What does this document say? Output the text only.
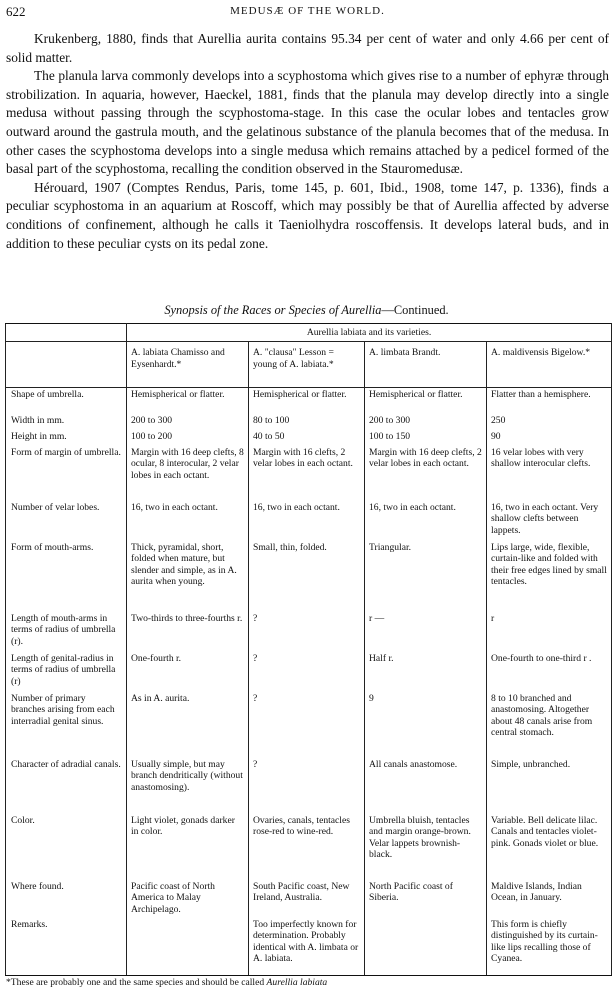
622	MEDUSÆ OF THE WORLD.

Krukenberg, 1880, finds that Aurellia aurita contains 95.34 per cent of water and only 4.66 per cent of solid matter.

The planula larva commonly develops into a scyphostoma which gives rise to a number of ephyræ through strobilization. In aquaria, however, Haeckel, 1881, finds that the planula may develop directly into a single medusa without passing through the scyphostoma-stage. In this case the ocular lobes and tentacles grow outward around the gastrula mouth, and the gelatinous substance of the planula becomes that of the medusa. In other cases the scyphostoma develops into a single medusa which remains attached by a pedicel formed of the basal part of the scyphostoma, recalling the condition observed in the Stauromedusæ.

Hérouard, 1907 (Comptes Rendus, Paris, tome 145, p. 601, Ibid., 1908, tome 147, p. 1336), finds a peculiar scyphostoma in an aquarium at Roscoff, which may possibly be that of Aurellia affected by adverse conditions of confinement, although he calls it Taeniolhydra roscoffensis. It develops lateral buds, and in addition to these peculiar cysts on its pedal zone.

Synopsis of the Races or Species of Aurellia—Continued.
	Aurellia labiata and its varieties.			
	A. labiata Chamisso and Eysenhardt.*	A. "clausa" Lesson = young of A. labiata.*	A. limbata Brandt.	A. maldivensis Bigelow.*
Shape of umbrella.	Hemispherical or flatter.	Hemispherical or flatter.	Hemispherical or flatter.	Flatter than a hemisphere.
Width in mm.	200 to 300	80 to 100	200 to 300	250
Height in mm.	100 to 200	40 to 50	100 to 150	90
Form of margin of umbrella.	Margin with 16 deep clefts, 8 ocular, 8 interocular, 2 velar lobes in each octant.	Margin with 16 clefts, 2 velar lobes in each octant.	Margin with 16 deep clefts, 2 velar lobes in each octant.	16 velar lobes with very shallow interocular clefts.
Number of velar lobes.	16, two in each octant.	16, two in each octant.	16, two in each octant.	16, two in each octant. Very shallow clefts between lappets.
Form of mouth-arms.	Thick, pyramidal, short, folded when mature, but slender and simple, as in A. aurita when young.	Small, thin, folded.	Triangular.	Lips large, wide, flexible, curtain-like and folded with their free edges lined by small tentacles.
Length of mouth-arms in terms of radius of umbrella (r).	Two-thirds to three-fourths r.	?	r —	r
Length of genital-radius in terms of radius of umbrella (r)	One-fourth r.	?	Half r.	One-fourth to one-third r .
Number of primary branches arising from each interradial genital sinus.	As in A. aurita.	?	9	8 to 10 branched and anastomosing. Altogether about 48 canals arise from central stomach.
Character of adradial canals.	Usually simple, but may branch dendritically (without anastomosing).	?	All canals anastomose.	Simple, unbranched.
Color.	Light violet, gonads darker in color.	Ovaries, canals, tentacles rose-red to wine-red.	Umbrella bluish, tentacles and margin orange-brown. Velar lappets brownish-black.	Variable. Bell delicate lilac. Canals and tentacles violet-pink. Gonads violet or blue.
Where found.	Pacific coast of North America to Malay Archipelago.	South Pacific coast, New Ireland, Australia.	North Pacific coast of Siberia.	Maldive Islands, Indian Ocean, in January.
Remarks.		Too imperfectly known for determination. Probably identical with A. limbata or A. labiata.		This form is chiefly distinguished by its curtain-like lips recalling those of Cyanea.
*These are probably one and the same species and should be called Aurellia labiata
